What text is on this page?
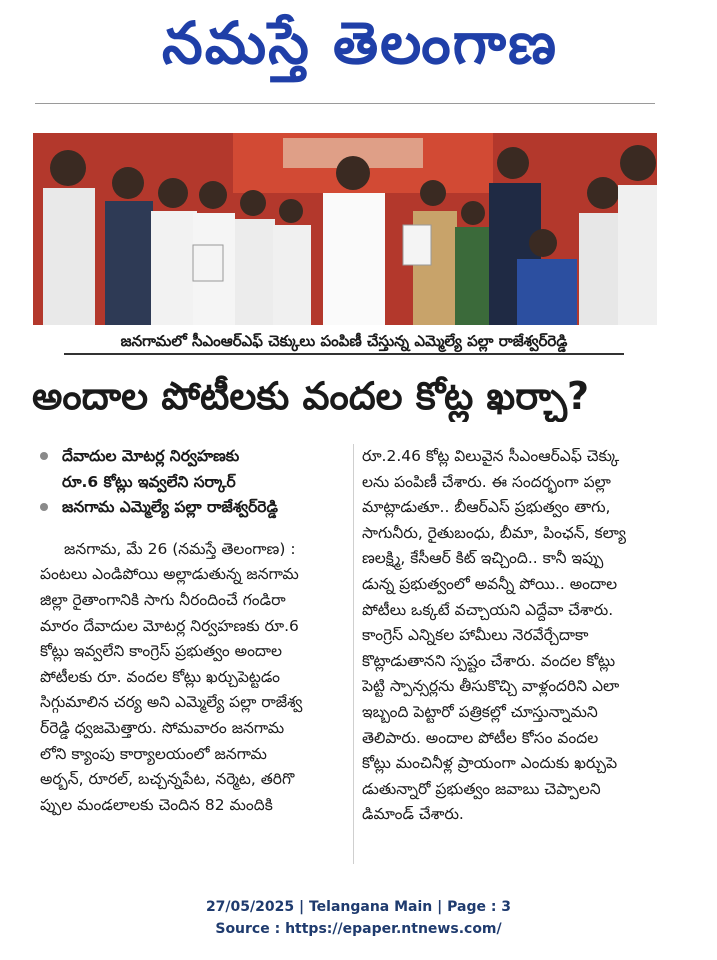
నమస్తే తెలంగాణ
జనగామలో సీఎంఆర్‌ఎఫ్‌ చెక్కులు పంపిణీ చేస్తున్న ఎమ్మెల్యే పల్లా రాజేశ్వర్‌రెడ్డి
అందాల పోటీలకు వందల కోట్ల ఖర్చా?
దేవాదుల మోటర్ల నిర్వహణకు
రూ.6 కోట్లు ఇవ్వలేని సర్కార్‌
జనగామ ఎమ్మెల్యే పల్లా రాజేశ్వర్‌రెడ్డి
జనగామ, మే 26 (నమస్తే తెలంగాణ) :
పంటలు ఎండిపోయి అల్లాడుతున్న జనగామ
జిల్లా రైతాంగానికి సాగు నీరందించే గండిరా
మారం దేవాదుల మోటర్ల నిర్వహణకు రూ.6
కోట్లు ఇవ్వలేని కాంగ్రెస్‌ ప్రభుత్వం అందాల
పోటీలకు రూ. వందల కోట్లు ఖర్చుపెట్టడం
సిగ్గుమాలిన చర్య అని ఎమ్మెల్యే పల్లా రాజేశ్వ
ర్‌రెడ్డి ధ్వజమెత్తారు. సోమవారం జనగామ
లోని క్యాంపు కార్యాలయంలో జనగామ
అర్బన్‌, రూరల్‌, బచ్చన్నపేట, నర్మెట, తరిగొ
ప్పుల మండలాలకు చెందిన 82 మందికి
రూ.2.46 కోట్ల విలువైన సీఎంఆర్‌ఎఫ్‌ చెక్కు
లను పంపిణీ చేశారు. ఈ సందర్భంగా పల్లా
మాట్లాడుతూ.. బీఆర్‌ఎస్‌ ప్రభుత్వం తాగు,
సాగునీరు, రైతుబంధు, బీమా, పింఛన్‌, కల్యా
ణలక్ష్మి, కేసీఆర్‌ కిట్‌ ఇచ్చింది.. కానీ ఇప్పు
డున్న ప్రభుత్వంలో అవన్నీ పోయి.. అందాల
పోటీలు ఒక్కటే వచ్చాయని ఎద్దేవా చేశారు.
కాంగ్రెస్‌ ఎన్నికల హామీలు నెరవేర్చేదాకా
కొట్లాడుతానని స్పష్టం చేశారు. వందల కోట్లు
పెట్టి స్పాన్సర్లను తీసుకొచ్చి వాళ్లందరిని ఎలా
ఇబ్బంది పెట్టారో పత్రికల్లో చూస్తున్నామని
తెలిపారు. అందాల పోటీల కోసం వందల
కోట్లు మంచినీళ్ల ప్రాయంగా ఎందుకు ఖర్చుపె
డుతున్నారో ప్రభుత్వం జవాబు చెప్పాలని
డిమాండ్‌ చేశారు.
27/05/2025 | Telangana Main | Page : 3
Source : https://epaper.ntnews.com/
